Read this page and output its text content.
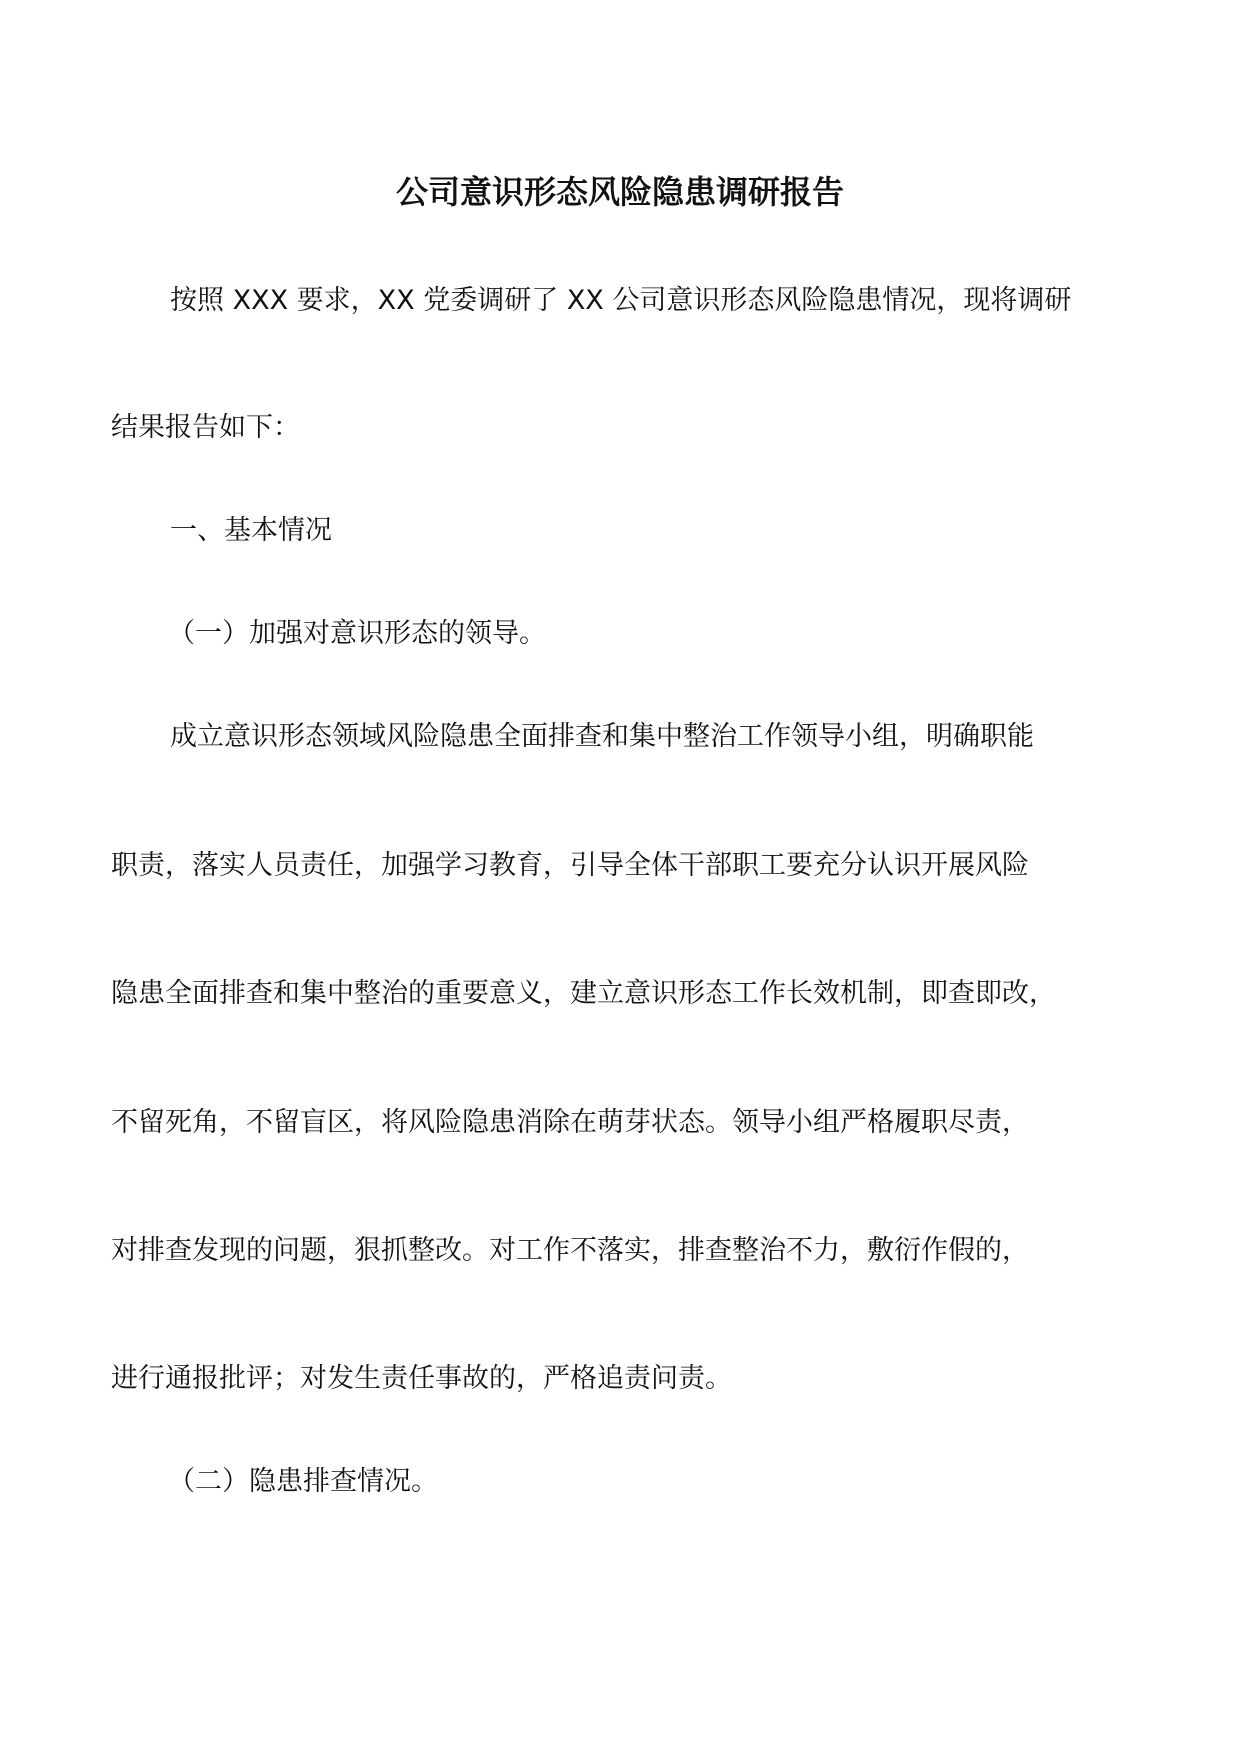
公司意识形态风险隐患调研报告
按照 XXX 要求，XX 党委调研了 XX 公司意识形态风险隐患情况，现将调研
结果报告如下：
一、基本情况
（一）加强对意识形态的领导。
成立意识形态领域风险隐患全面排查和集中整治工作领导小组，明确职能
职责，落实人员责任，加强学习教育，引导全体干部职工要充分认识开展风险
隐患全面排查和集中整治的重要意义，建立意识形态工作长效机制，即查即改，
不留死角，不留盲区，将风险隐患消除在萌芽状态。领导小组严格履职尽责，
对排查发现的问题，狠抓整改。对工作不落实，排查整治不力，敷衍作假的，
进行通报批评；对发生责任事故的，严格追责问责。
（二）隐患排查情况。
